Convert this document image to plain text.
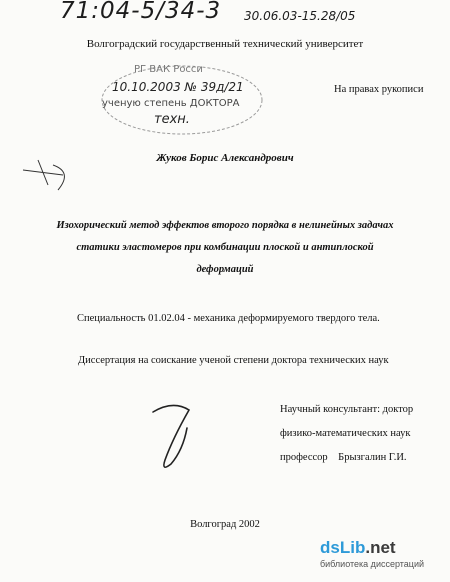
71:04-5/34-3 30.06.03-15.28/05
Волгоградский государственный технический университет
РГ ВАК Росси
10.10.2003 № 39д/21
ученую степень ДОКТОРА
техн.
На правах рукописи
Жуков Борис Александрович
Изохорический метод эффектов второго порядка в нелинейных задачах
статики эластомеров при комбинации плоской и антиплоской
деформаций
Специальность 01.02.04 - механика деформируемого твердого тела.
Диссертация на соискание ученой степени доктора технических наук
Научный консультант: доктор
физико-математических наук
профессор    Брызгалин Г.И.
Волгоград 2002
dsLib.net
библиотека диссертаций
